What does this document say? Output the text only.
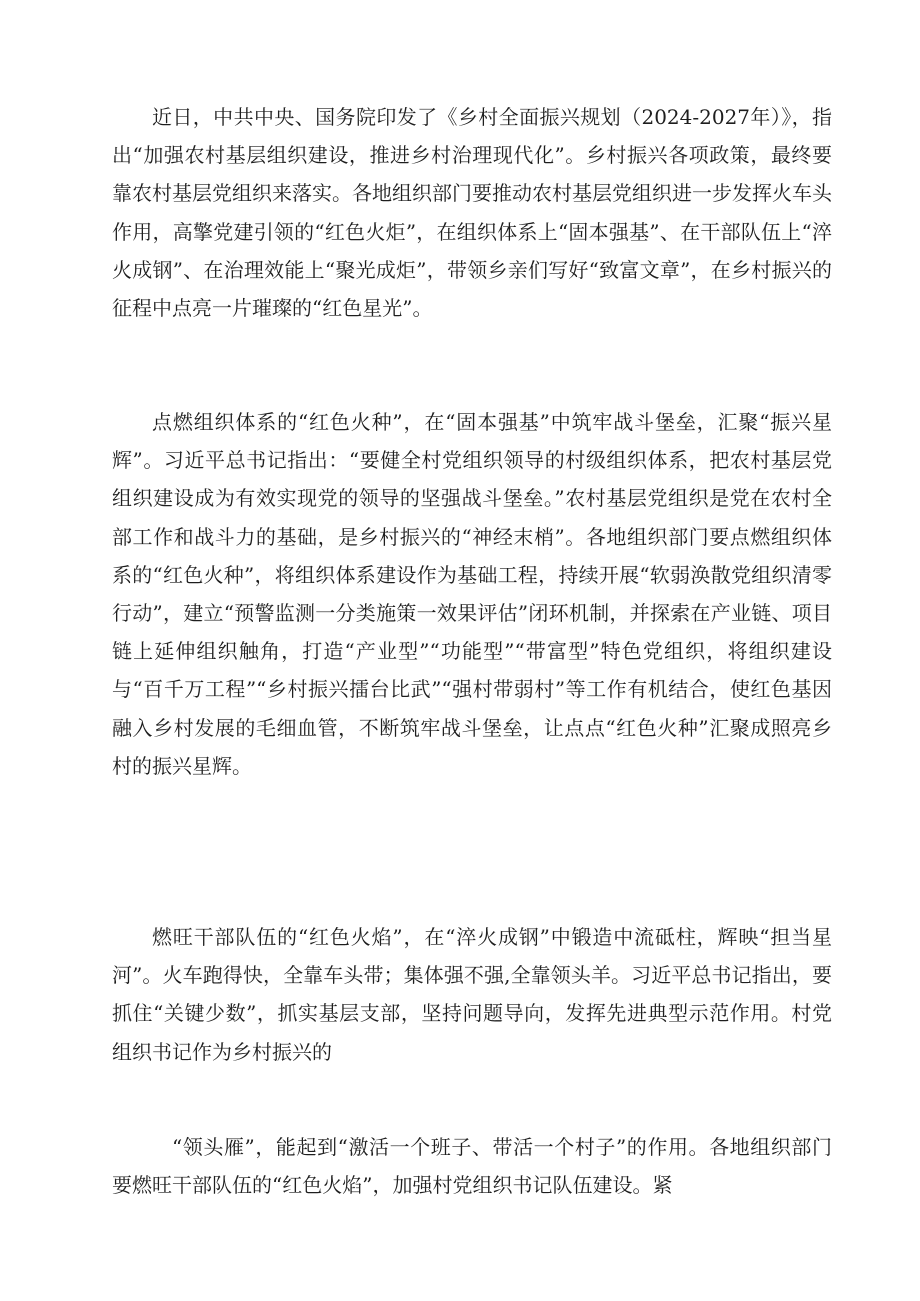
近日，中共中央、国务院印发了《乡村全面振兴规划（2024-2027年）》，指出“加强农村基层组织建设，推进乡村治理现代化”。乡村振兴各项政策，最终要靠农村基层党组织来落实。各地组织部门要推动农村基层党组织进一步发挥火车头作用，高擎党建引领的“红色火炬”，在组织体系上“固本强基”、在干部队伍上“淬火成钢”、在治理效能上“聚光成炬”，带领乡亲们写好“致富文章”，在乡村振兴的征程中点亮一片璀璨的“红色星光”。

点燃组织体系的“红色火种”，在“固本强基”中筑牢战斗堡垒，汇聚“振兴星辉”。习近平总书记指出：“要健全村党组织领导的村级组织体系，把农村基层党组织建设成为有效实现党的领导的坚强战斗堡垒。”农村基层党组织是党在农村全部工作和战斗力的基础，是乡村振兴的“神经末梢”。各地组织部门要点燃组织体系的“红色火种”，将组织体系建设作为基础工程，持续开展“软弱涣散党组织清零行动”，建立“预警监测一分类施策一效果评估”闭环机制，并探索在产业链、项目链上延伸组织触角，打造“产业型”“功能型”“带富型”特色党组织，将组织建设与“百千万工程”“乡村振兴擂台比武”“强村带弱村”等工作有机结合，使红色基因融入乡村发展的毛细血管，不断筑牢战斗堡垒，让点点“红色火种”汇聚成照亮乡村的振兴星辉。

燃旺干部队伍的“红色火焰”，在“淬火成钢”中锻造中流砥柱，辉映“担当星河”。火车跑得快，全靠车头带；集体强不强,全靠领头羊。习近平总书记指出，要抓住“关键少数”，抓实基层支部，坚持问题导向，发挥先进典型示范作用。村党组织书记作为乡村振兴的

“领头雁”，能起到“激活一个班子、带活一个村子”的作用。各地组织部门要燃旺干部队伍的“红色火焰”，加强村党组织书记队伍建设。紧
